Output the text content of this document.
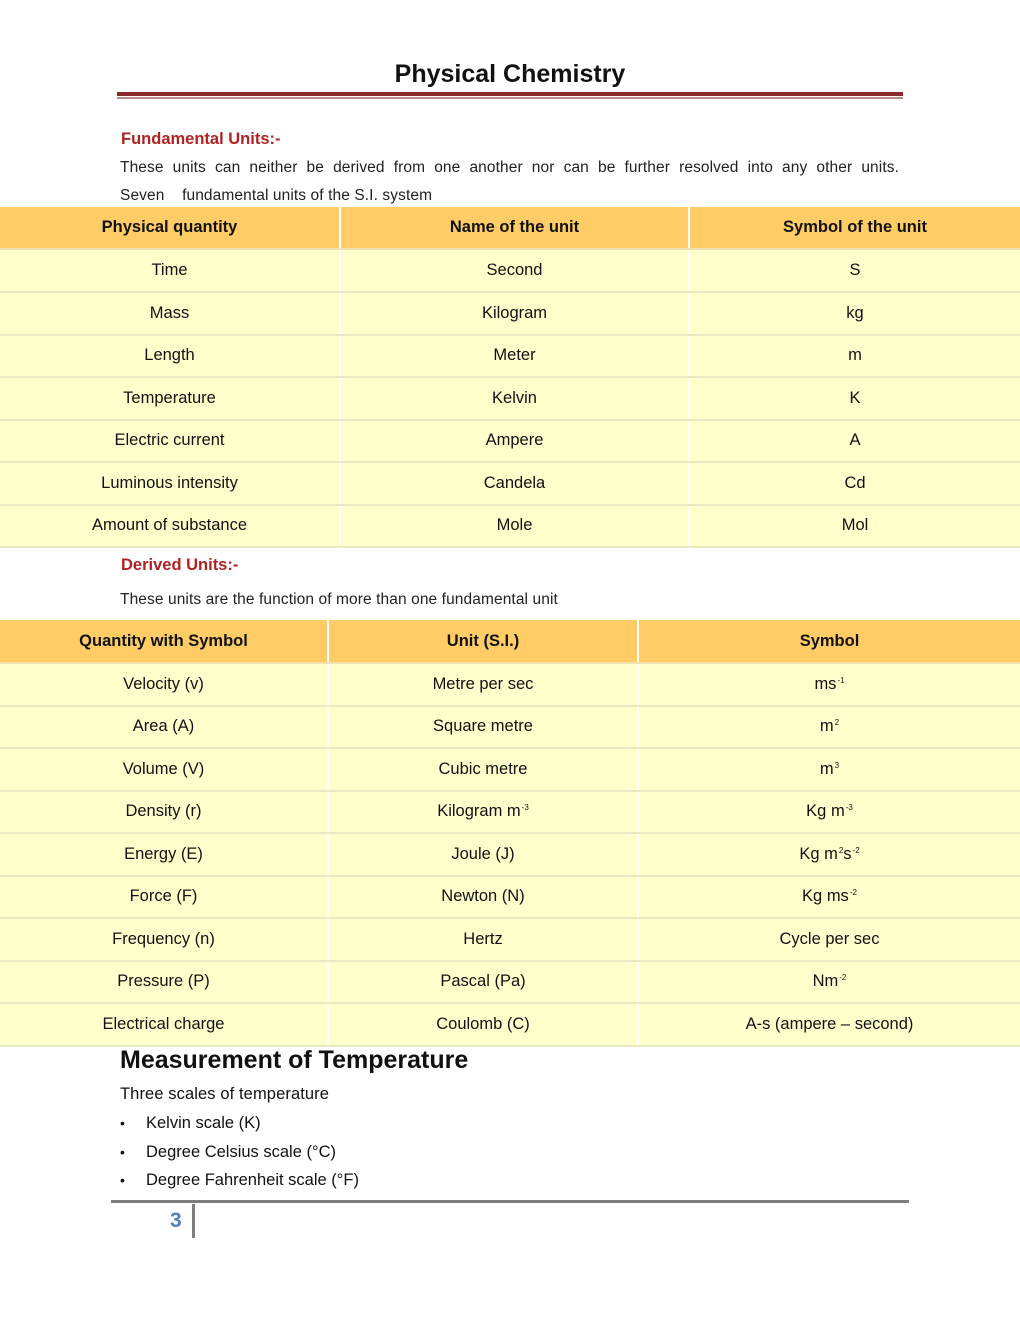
Physical Chemistry
Fundamental Units:-
These units can neither be derived from one another nor can be further resolved into any other units.
Seven    fundamental units of the S.I. system
Physical quantity	Name of the unit	Symbol of the unit
Time	Second	S
Mass	Kilogram	kg
Length	Meter	m
Temperature	Kelvin	K
Electric current	Ampere	A
Luminous intensity	Candela	Cd
Amount of substance	Mole	Mol
Derived Units:-
These units are the function of more than one fundamental unit
Quantity with Symbol	Unit (S.I.)	Symbol
Velocity (v)	Metre per sec	$ms^{-1}$
Area (A)	Square metre	$m^2$
Volume (V)	Cubic metre	$m^3$
Density (r)	Kilogram $m^{-3}$	Kg $m^{-3}$
Energy (E)	Joule (J)	Kg $m^2s^{-2}$
Force (F)	Newton (N)	Kg $ms^{-2}$
Frequency (n)	Hertz	Cycle per sec
Pressure (P)	Pascal (Pa)	$Nm^{-2}$
Electrical charge	Coulomb (C)	A-s (ampere – second)
Measurement of Temperature
Three scales of temperature
• Kelvin scale (K)
• Degree Celsius scale (°C)
• Degree Fahrenheit scale (°F)
3
